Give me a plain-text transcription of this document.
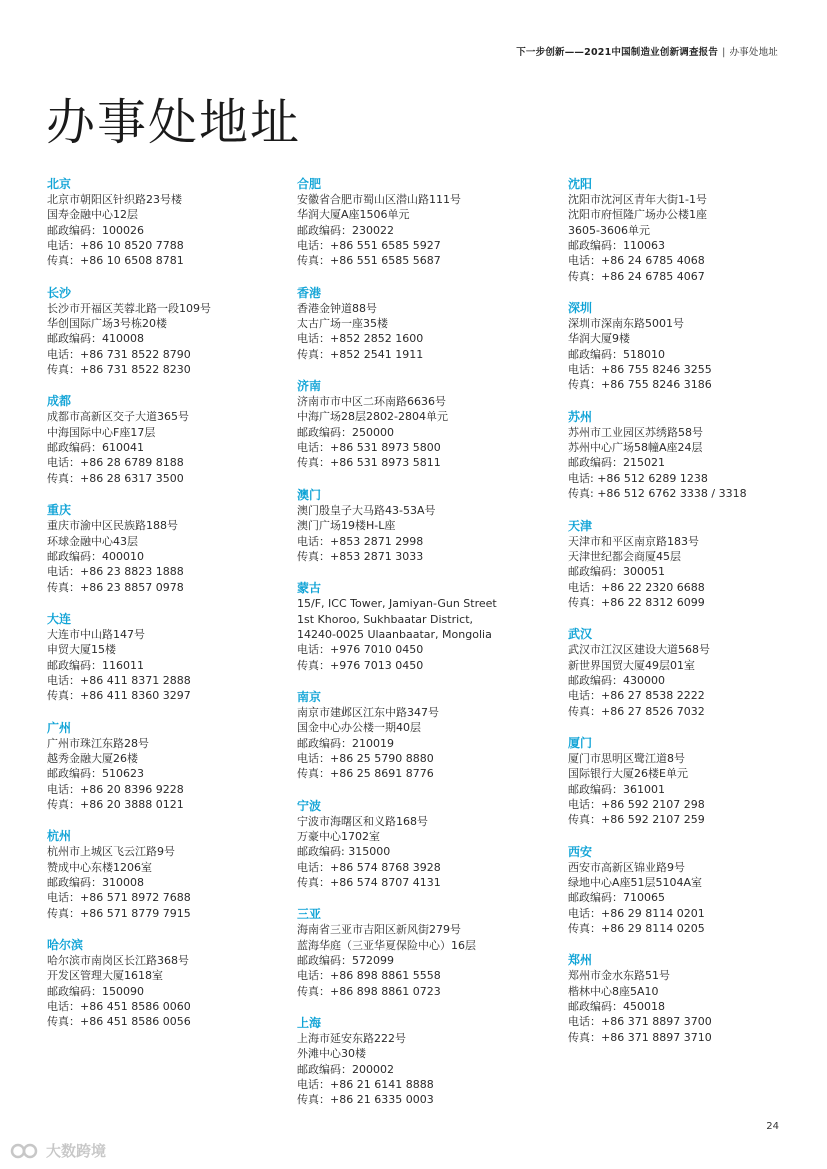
下一步创新——2021中国制造业创新调查报告 | 办事处地址
办事处地址
北京
北京市朝阳区针织路23号楼
国寿金融中心12层
邮政编码：100026
电话：+86 10 8520 7788
传真：+86 10 6508 8781
长沙
长沙市开福区芙蓉北路一段109号
华创国际广场3号栋20楼
邮政编码：410008
电话：+86 731 8522 8790
传真：+86 731 8522 8230
成都
成都市高新区交子大道365号
中海国际中心F座17层
邮政编码：610041
电话：+86 28 6789 8188
传真：+86 28 6317 3500
重庆
重庆市渝中区民族路188号
环球金融中心43层
邮政编码：400010
电话：+86 23 8823 1888
传真：+86 23 8857 0978
大连
大连市中山路147号
申贸大厦15楼
邮政编码：116011
电话：+86 411 8371 2888
传真：+86 411 8360 3297
广州
广州市珠江东路28号
越秀金融大厦26楼
邮政编码：510623
电话：+86 20 8396 9228
传真：+86 20 3888 0121
杭州
杭州市上城区飞云江路9号
赞成中心东楼1206室
邮政编码：310008
电话：+86 571 8972 7688
传真：+86 571 8779 7915
哈尔滨
哈尔滨市南岗区长江路368号
开发区管理大厦1618室
邮政编码：150090
电话：+86 451 8586 0060
传真：+86 451 8586 0056
合肥
安徽省合肥市蜀山区潜山路111号
华润大厦A座1506单元
邮政编码：230022
电话：+86 551 6585 5927
传真：+86 551 6585 5687
香港
香港金钟道88号
太古广场一座35楼
电话：+852 2852 1600
传真：+852 2541 1911
济南
济南市市中区二环南路6636号
中海广场28层2802-2804单元
邮政编码：250000
电话：+86 531 8973 5800
传真：+86 531 8973 5811
澳门
澳门殷皇子大马路43-53A号
澳门广场19楼H-L座
电话：+853 2871 2998
传真：+853 2871 3033
蒙古
15/F, ICC Tower, Jamiyan-Gun Street
1st Khoroo, Sukhbaatar District,
14240-0025 Ulaanbaatar, Mongolia
电话：+976 7010 0450
传真：+976 7013 0450
南京
南京市建邺区江东中路347号
国金中心办公楼一期40层
邮政编码：210019
电话：+86 25 5790 8880
传真：+86 25 8691 8776
宁波
宁波市海曙区和义路168号
万豪中心1702室
邮政编码: 315000
电话：+86 574 8768 3928
传真：+86 574 8707 4131
三亚
海南省三亚市吉阳区新风街279号
蓝海华庭（三亚华夏保险中心）16层
邮政编码：572099
电话：+86 898 8861 5558
传真：+86 898 8861 0723
上海
上海市延安东路222号
外滩中心30楼
邮政编码：200002
电话：+86 21 6141 8888
传真：+86 21 6335 0003
沈阳
沈阳市沈河区青年大街1-1号
沈阳市府恒隆广场办公楼1座
3605-3606单元
邮政编码：110063
电话：+86 24 6785 4068
传真：+86 24 6785 4067
深圳
深圳市深南东路5001号
华润大厦9楼
邮政编码：518010
电话：+86 755 8246 3255
传真：+86 755 8246 3186
苏州
苏州市工业园区苏绣路58号
苏州中心广场58幢A座24层
邮政编码：215021
电话: +86 512 6289 1238
传真: +86 512 6762 3338 / 3318
天津
天津市和平区南京路183号
天津世纪都会商厦45层
邮政编码：300051
电话：+86 22 2320 6688
传真：+86 22 8312 6099
武汉
武汉市江汉区建设大道568号
新世界国贸大厦49层01室
邮政编码：430000
电话：+86 27 8538 2222
传真：+86 27 8526 7032
厦门
厦门市思明区鹭江道8号
国际银行大厦26楼E单元
邮政编码：361001
电话：+86 592 2107 298
传真：+86 592 2107 259
西安
西安市高新区锦业路9号
绿地中心A座51层5104A室
邮政编码：710065
电话：+86 29 8114 0201
传真：+86 29 8114 0205
郑州
郑州市金水东路51号
楷林中心8座5A10
邮政编码：450018
电话：+86 371 8897 3700
传真：+86 371 8897 3710
24
大数跨境
